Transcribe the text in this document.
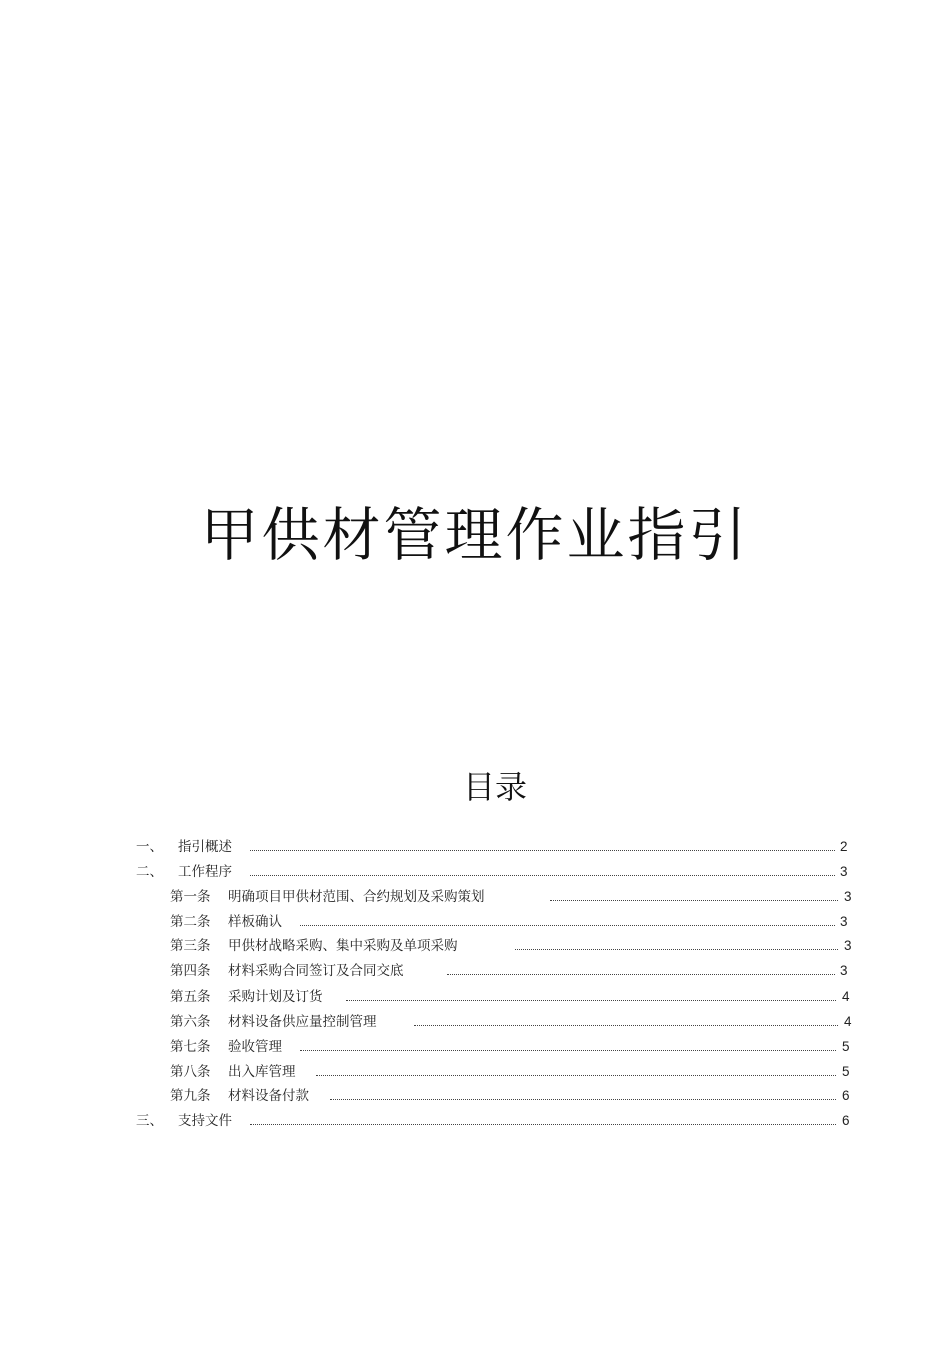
甲供材管理作业指引
目录
一、 指引概述	2
二、 工作程序	3
第一条 明确项目甲供材范围、合约规划及采购策划	3
第二条 样板确认	3
第三条 甲供材战略采购、集中采购及单项采购	3
第四条 材料采购合同签订及合同交底	3
第五条 采购计划及订货	4
第六条 材料设备供应量控制管理	4
第七条 验收管理	5
第八条 出入库管理	5
第九条 材料设备付款	6
三、 支持文件	6
